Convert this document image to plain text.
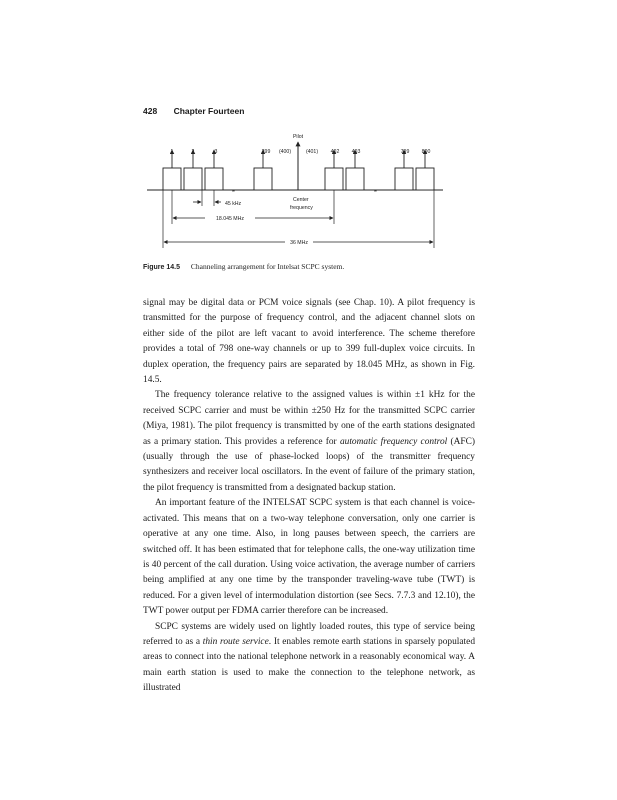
428 Chapter Fourteen
≈	≈
Pilot
1	2	3	399 (400)	(401) 402 403	799 800
45 kHz
Center
frequency
18.045 MHz
36 MHz
Figure 14.5 Channeling arrangement for Intelsat SCPC system.

signal may be digital data or PCM voice signals (see Chap. 10). A pilot frequency is transmitted for the purpose of frequency control, and the adjacent channel slots on either side of the pilot are left vacant to avoid interference. The scheme therefore provides a total of 798 one-way channels or up to 399 full-duplex voice circuits. In duplex operation, the frequency pairs are separated by 18.045 MHz, as shown in Fig. 14.5.

The frequency tolerance relative to the assigned values is within ±1 kHz for the received SCPC carrier and must be within ±250 Hz for the transmitted SCPC carrier (Miya, 1981). The pilot frequency is transmitted by one of the earth stations designated as a primary station. This provides a reference for automatic frequency control (AFC) (usually through the use of phase-locked loops) of the transmitter frequency synthesizers and receiver local oscillators. In the event of failure of the primary station, the pilot frequency is transmitted from a designated backup station.

An important feature of the INTELSAT SCPC system is that each channel is voice-activated. This means that on a two-way telephone conversation, only one carrier is operative at any one time. Also, in long pauses between speech, the carriers are switched off. It has been estimated that for telephone calls, the one-way utilization time is 40 percent of the call duration. Using voice activation, the average number of carriers being amplified at any one time by the transponder traveling-wave tube (TWT) is reduced. For a given level of intermodulation distortion (see Secs. 7.7.3 and 12.10), the TWT power output per FDMA carrier therefore can be increased.

SCPC systems are widely used on lightly loaded routes, this type of service being referred to as a thin route service. It enables remote earth stations in sparsely populated areas to connect into the national telephone network in a reasonably economical way. A main earth station is used to make the connection to the telephone network, as illustrated
